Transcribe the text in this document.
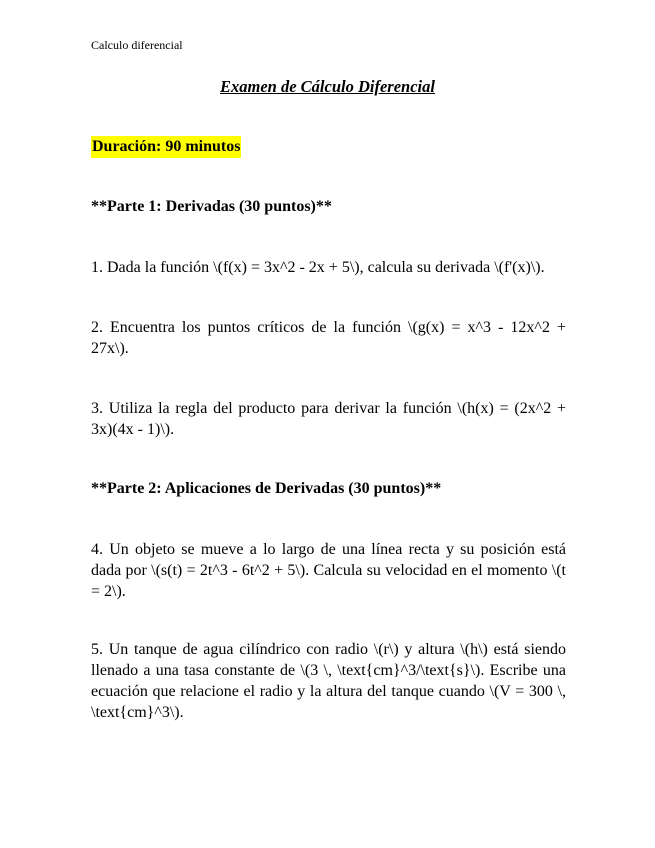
Calculo diferencial
Examen de Cálculo Diferencial
Duración: 90 minutos
**Parte 1: Derivadas (30 puntos)**
1. Dada la función \(f(x) = 3x^2 - 2x + 5\), calcula su derivada \(f'(x)\).
2. Encuentra los puntos críticos de la función \(g(x) = x^3 - 12x^2 + 27x\).
3. Utiliza la regla del producto para derivar la función \(h(x) = (2x^2 + 3x)(4x - 1)\).
**Parte 2: Aplicaciones de Derivadas (30 puntos)**
4. Un objeto se mueve a lo largo de una línea recta y su posición está dada por \(s(t) = 2t^3 - 6t^2 + 5\). Calcula su velocidad en el momento \(t = 2\).
5. Un tanque de agua cilíndrico con radio \(r\) y altura \(h\) está siendo llenado a una tasa constante de \(3 \, \text{cm}^3/\text{s}\). Escribe una ecuación que relacione el radio y la altura del tanque cuando \(V = 300 \, \text{cm}^3\).
